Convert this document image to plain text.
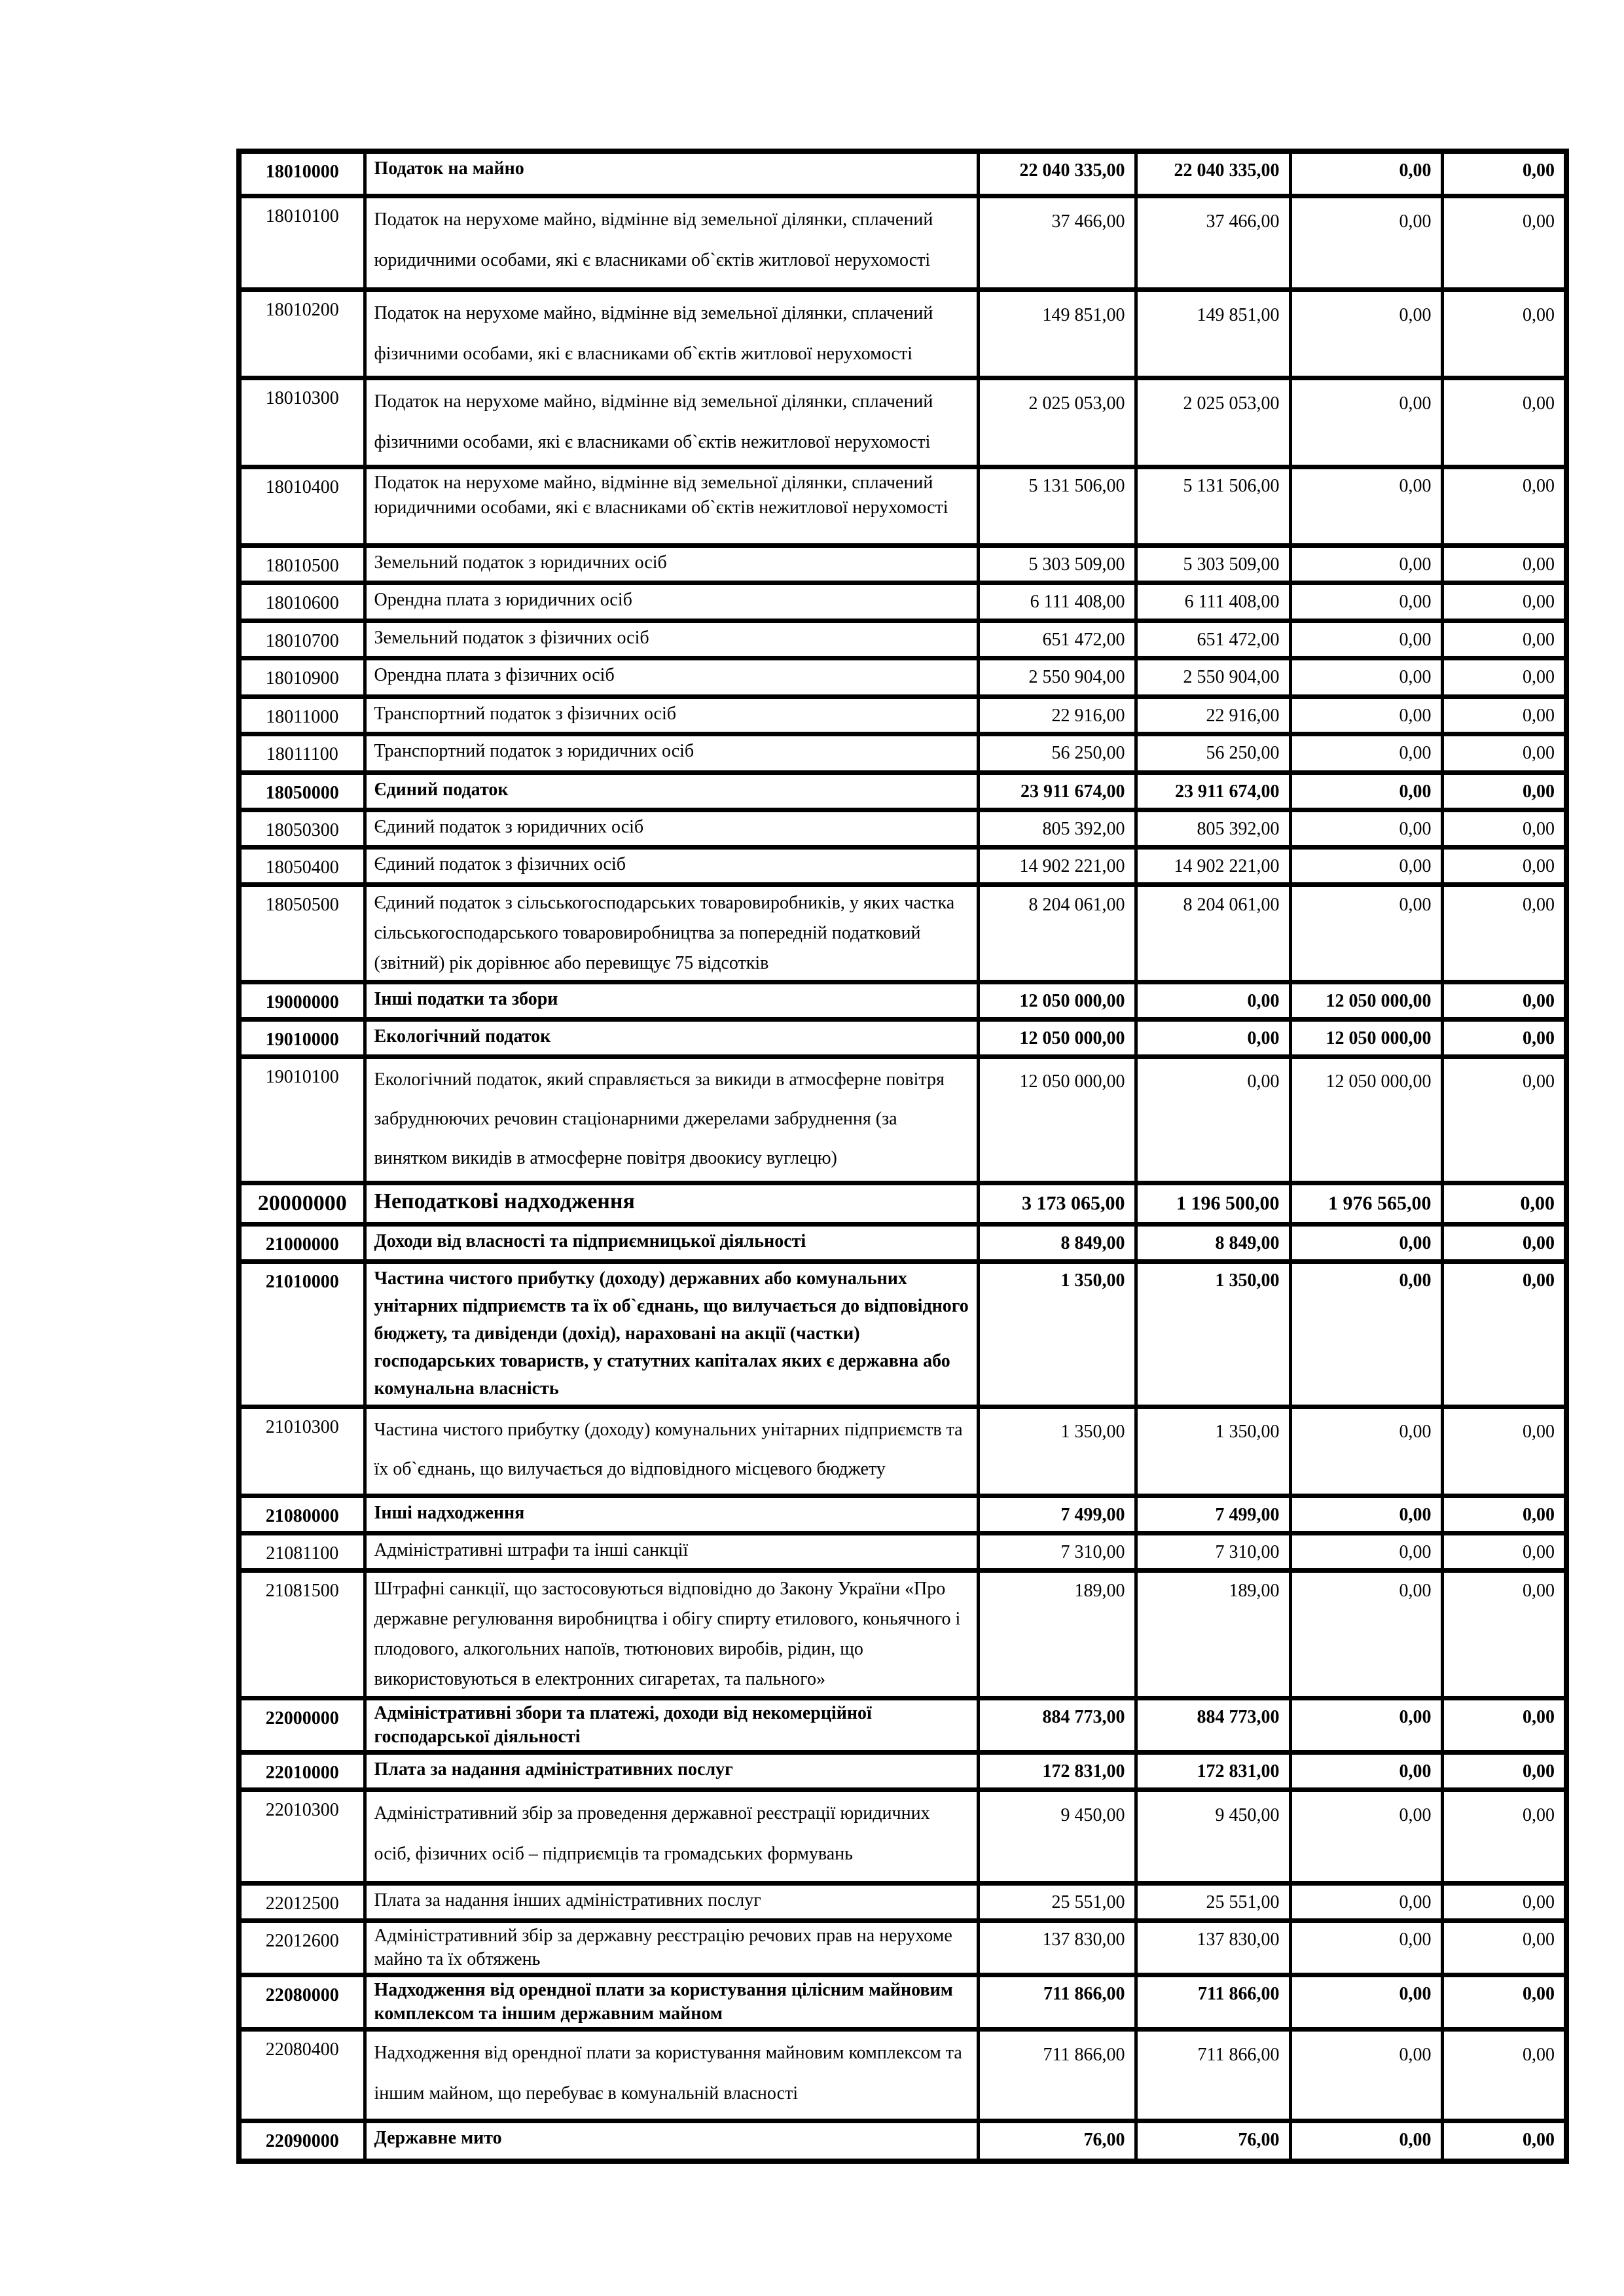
18010000	Податок на майно	22 040 335,00	22 040 335,00	0,00	0,00
18010100	Податок на нерухоме майно, відмінне від земельної ділянки, сплачений юридичними особами, які є власниками об`єктів житлової нерухомості	37 466,00	37 466,00	0,00	0,00
18010200	Податок на нерухоме майно, відмінне від земельної ділянки, сплачений фізичними особами, які є власниками об`єктів житлової нерухомості	149 851,00	149 851,00	0,00	0,00
18010300	Податок на нерухоме майно, відмінне від земельної ділянки, сплачений фізичними особами, які є власниками об`єктів нежитлової нерухомості	2 025 053,00	2 025 053,00	0,00	0,00
18010400	Податок на нерухоме майно, відмінне від земельної ділянки, сплачений юридичними особами, які є власниками об`єктів нежитлової нерухомості	5 131 506,00	5 131 506,00	0,00	0,00
18010500	Земельний податок з юридичних осіб	5 303 509,00	5 303 509,00	0,00	0,00
18010600	Орендна плата з юридичних осіб	6 111 408,00	6 111 408,00	0,00	0,00
18010700	Земельний податок з фізичних осіб	651 472,00	651 472,00	0,00	0,00
18010900	Орендна плата з фізичних осіб	2 550 904,00	2 550 904,00	0,00	0,00
18011000	Транспортний податок з фізичних осіб	22 916,00	22 916,00	0,00	0,00
18011100	Транспортний податок з юридичних осіб	56 250,00	56 250,00	0,00	0,00
18050000	Єдиний податок	23 911 674,00	23 911 674,00	0,00	0,00
18050300	Єдиний податок з юридичних осіб	805 392,00	805 392,00	0,00	0,00
18050400	Єдиний податок з фізичних осіб	14 902 221,00	14 902 221,00	0,00	0,00
18050500	Єдиний податок з сільськогосподарських товаровиробників, у яких частка сільськогосподарського товаровиробництва за попередній податковий (звітний) рік дорівнює або перевищує 75 відсотків	8 204 061,00	8 204 061,00	0,00	0,00
19000000	Інші податки та збори	12 050 000,00	0,00	12 050 000,00	0,00
19010000	Екологічний податок	12 050 000,00	0,00	12 050 000,00	0,00
19010100	Екологічний податок, який справляється за викиди в атмосферне повітря забруднюючих речовин стаціонарними джерелами забруднення (за винятком викидів в атмосферне повітря двоокису вуглецю)	12 050 000,00	0,00	12 050 000,00	0,00
20000000	Неподаткові надходження	3 173 065,00	1 196 500,00	1 976 565,00	0,00
21000000	Доходи від власності та підприємницької діяльності	8 849,00	8 849,00	0,00	0,00
21010000	Частина чистого прибутку (доходу) державних або комунальних унітарних підприємств та їх об`єднань, що вилучається до відповідного бюджету, та дивіденди (дохід), нараховані на акції (частки) господарських товариств, у статутних капіталах яких є державна або комунальна власність	1 350,00	1 350,00	0,00	0,00
21010300	Частина чистого прибутку (доходу) комунальних унітарних підприємств та їх об`єднань, що вилучається до відповідного місцевого бюджету	1 350,00	1 350,00	0,00	0,00
21080000	Інші надходження	7 499,00	7 499,00	0,00	0,00
21081100	Адміністративні штрафи та інші санкції	7 310,00	7 310,00	0,00	0,00
21081500	Штрафні санкції, що застосовуються відповідно до Закону України «Про державне регулювання виробництва і обігу спирту етилового, коньячного і плодового, алкогольних напоїв, тютюнових виробів, рідин, що використовуються в електронних сигаретах, та пального»	189,00	189,00	0,00	0,00
22000000	Адміністративні збори та платежі, доходи від некомерційної господарської діяльності	884 773,00	884 773,00	0,00	0,00
22010000	Плата за надання адміністративних послуг	172 831,00	172 831,00	0,00	0,00
22010300	Адміністративний збір за проведення державної реєстрації юридичних осіб, фізичних осіб – підприємців та громадських формувань	9 450,00	9 450,00	0,00	0,00
22012500	Плата за надання інших адміністративних послуг	25 551,00	25 551,00	0,00	0,00
22012600	Адміністративний збір за державну реєстрацію речових прав на нерухоме майно та їх обтяжень	137 830,00	137 830,00	0,00	0,00
22080000	Надходження від орендної плати за користування цілісним майновим комплексом та іншим державним майном	711 866,00	711 866,00	0,00	0,00
22080400	Надходження від орендної плати за користування майновим комплексом та іншим майном, що перебуває в комунальній власності	711 866,00	711 866,00	0,00	0,00
22090000	Державне мито	76,00	76,00	0,00	0,00
